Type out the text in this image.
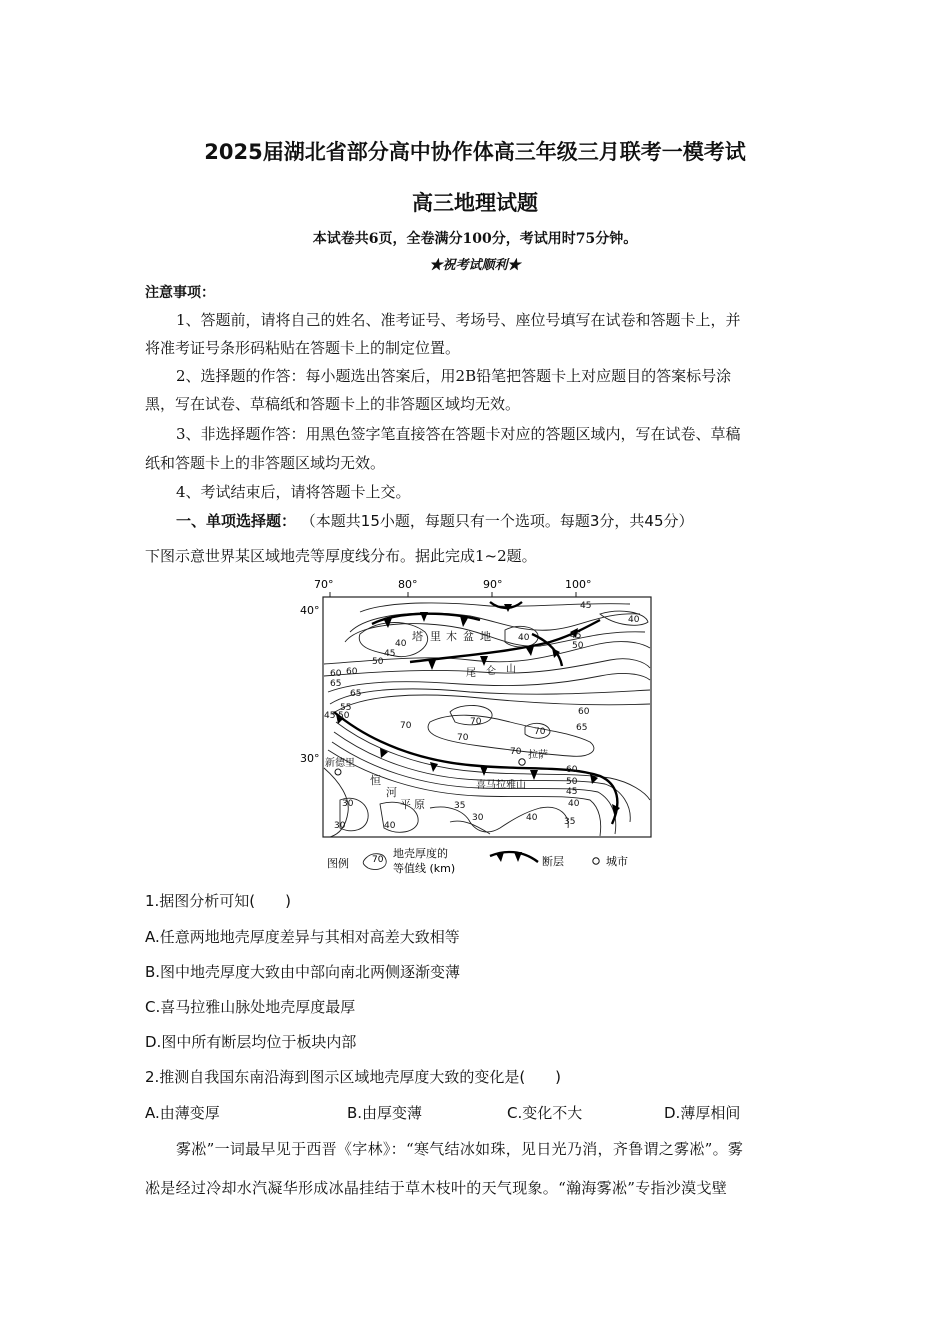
2025届湖北省部分高中协作体高三年级三月联考一模考试
高三地理试题
本试卷共6页，全卷满分100分，考试用时75分钟。
★祝考试顺利★
注意事项：
1、答题前，请将自己的姓名、准考证号、考场号、座位号填写在试卷和答题卡上，并
将准考证号条形码粘贴在答题卡上的制定位置。
2、选择题的作答：每小题选出答案后，用2B铅笔把答题卡上对应题目的答案标号涂
黑，写在试卷、草稿纸和答题卡上的非答题区域均无效。
3、非选择题作答：用黑色签字笔直接答在答题卡对应的答题区域内，写在试卷、草稿
纸和答题卡上的非答题区域均无效。
4、考试结束后，请将答题卡上交。
一、单项选择题： （本题共15小题，每题只有一个选项。每题3分，共45分）
下图示意世界某区域地壳等厚度线分布。据此完成1~2题。
70°	80°	90°	100°
40°
30°
45
40
45
50
40
40
45
50
60
65
60
65
55
50
45
70	70
70
70
60
65
70
60
50
45
40
30	35
30
40	35
30
40
塔 里 木 盆 地
尾 仑 山
恒
河
平 原
喜马拉雅山
拉萨
新德里
图例	70 地壳厚度的
等值线 (km)
断层	城市
1.据图分析可知(　　)
A.任意两地地壳厚度差异与其相对高差大致相等
B.图中地壳厚度大致由中部向南北两侧逐渐变薄
C.喜马拉雅山脉处地壳厚度最厚
D.图中所有断层均位于板块内部
2.推测自我国东南沿海到图示区域地壳厚度大致的变化是(　　)
A.由薄变厚	B.由厚变薄	C.变化不大	D.薄厚相间
雾凇”一词最早见于西晋《字林》：“寒气结冰如珠，见日光乃消，齐鲁谓之雾凇”。雾
凇是经过冷却水汽凝华形成冰晶挂结于草木枝叶的天气现象。“瀚海雾凇”专指沙漠戈壁
